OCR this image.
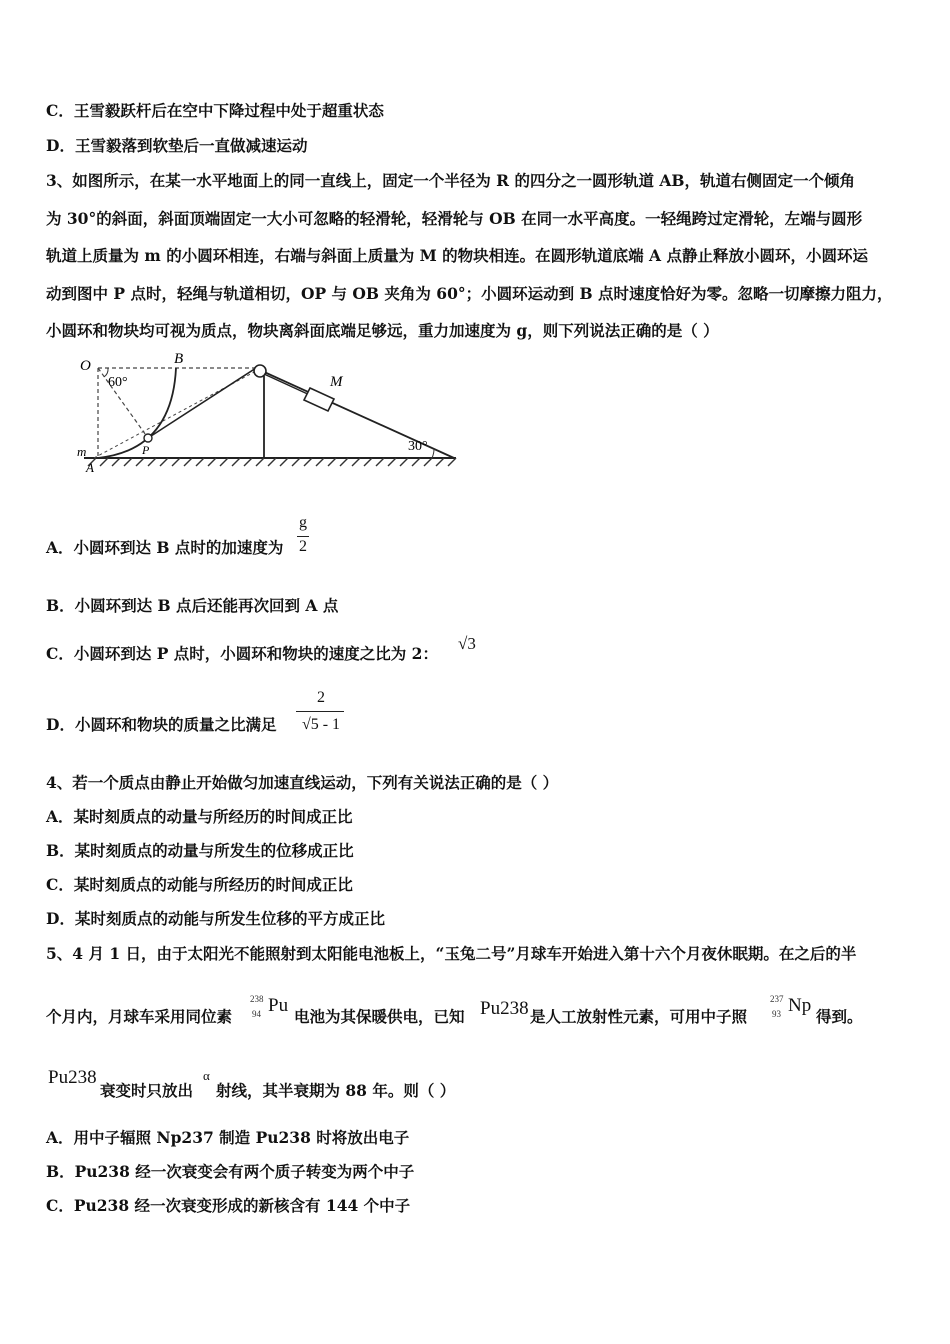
C．王雪毅跃杆后在空中下降过程中处于超重状态
D．王雪毅落到软垫后一直做减速运动
3、如图所示，在某一水平地面上的同一直线上，固定一个半径为 R 的四分之一圆形轨道 AB，轨道右侧固定一个倾角
为 30°的斜面，斜面顶端固定一大小可忽略的轻滑轮，轻滑轮与 OB 在同一水平高度。一轻绳跨过定滑轮，左端与圆形
轨道上质量为 m 的小圆环相连，右端与斜面上质量为 M 的物块相连。在圆形轨道底端 A 点静止释放小圆环，小圆环运
动到图中 P 点时，轻绳与轨道相切，OP 与 OB 夹角为 60°；小圆环运动到 B 点时速度恰好为零。忽略一切摩擦力阻力，
小圆环和物块均可视为质点，物块离斜面底端足够远，重力加速度为 g，则下列说法正确的是（ ）
O	B
M
m
A
P
60°
30°
A．小圆环到达 B 点时的加速度为
g
2
B．小圆环到达 B 点后还能再次回到 A 点
C．小圆环到达 P 点时，小圆环和物块的速度之比为 2：
√3
D．小圆环和物块的质量之比满足
2
√5 - 1
4、若一个质点由静止开始做匀加速直线运动，下列有关说法正确的是（ ）
A．某时刻质点的动量与所经历的时间成正比
B．某时刻质点的动量与所发生的位移成正比
C．某时刻质点的动能与所经历的时间成正比
D．某时刻质点的动能与所发生位移的平方成正比
5、4 月 1 日，由于太阳光不能照射到太阳能电池板上，“玉兔二号”月球车开始进入第十六个月夜休眠期。在之后的半
个月内，月球车采用同位素
238
94 Pu
电池为其保暖供电，已知 Pu238 是人工放射性元素，可用中子照
237
93 Np
得到。
Pu238
衰变时只放出
α
射线，其半衰期为 88 年。则（ ）
A．用中子辐照 Np237 制造 Pu238 时将放出电子
B．Pu238 经一次衰变会有两个质子转变为两个中子
C．Pu238 经一次衰变形成的新核含有 144 个中子
